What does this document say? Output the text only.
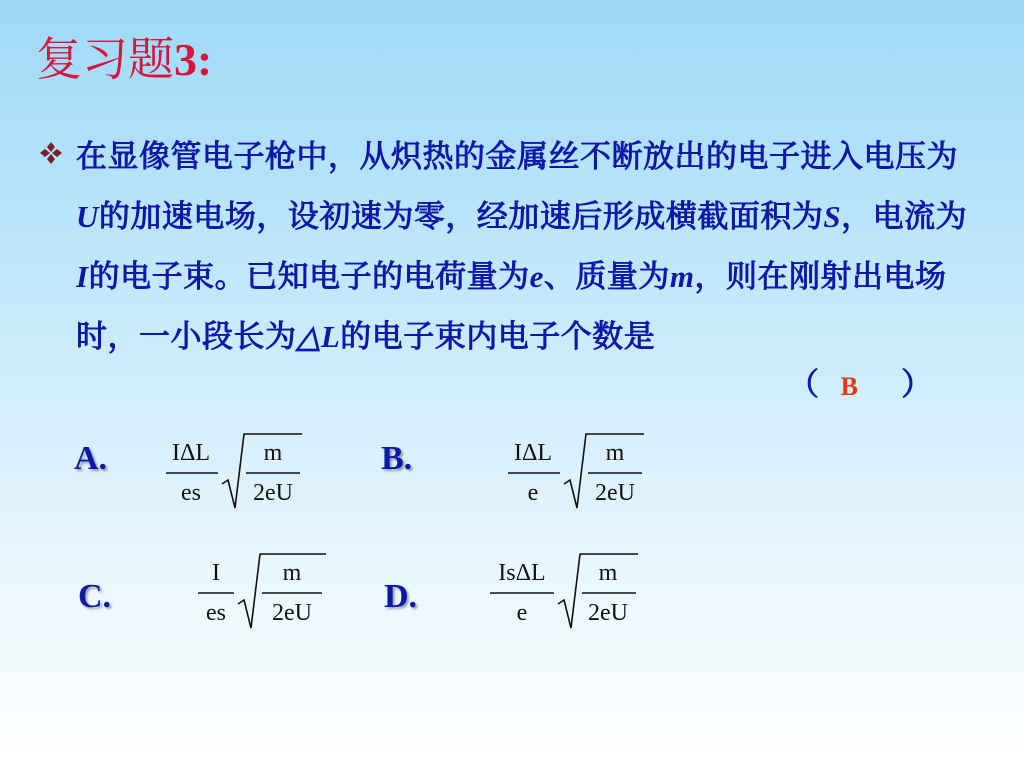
复习题3:

在显像管电子枪中，从炽热的金属丝不断放出的电子进入电压为U的加速电场，设初速为零，经加速后形成横截面积为S，电流为I的电子束。已知电子的电荷量为e、质量为m，则在刚射出电场时，一小段长为△L的电子束内电子个数是

（ B ）
A.	IΔL
es
m
2eU
B.	IΔL
e
m
2eU
C.
I
es
m
2eU D.
IsΔL
e
m
2eU
